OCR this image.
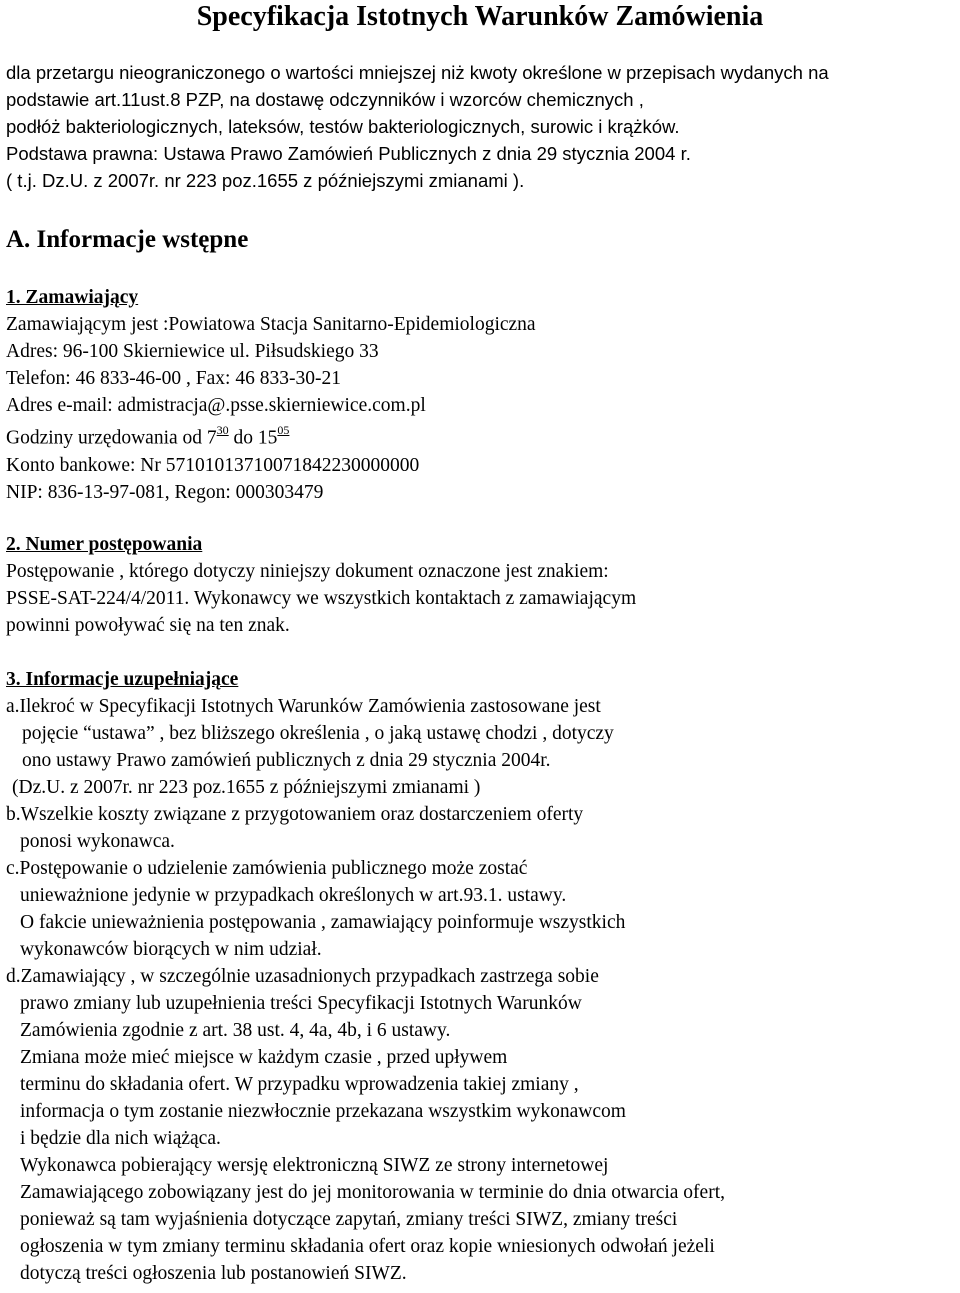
Specyfikacja Istotnych Warunków Zamówienia
dla przetargu nieograniczonego o wartości mniejszej niż kwoty określone w przepisach wydanych na
podstawie art.11ust.8 PZP, na dostawę odczynników i wzorców chemicznych ,
podłóż bakteriologicznych, lateksów, testów bakteriologicznych, surowic i krążków.
Podstawa prawna: Ustawa Prawo Zamówień Publicznych z dnia 29 stycznia 2004 r.
( t.j. Dz.U. z 2007r. nr 223 poz.1655 z późniejszymi zmianami ).
A. Informacje wstępne
1. Zamawiający
Zamawiającym jest :Powiatowa Stacja Sanitarno-Epidemiologiczna
Adres: 96-100 Skierniewice ul. Piłsudskiego 33
Telefon: 46 833-46-00 , Fax: 46 833-30-21
Adres e-mail: admistracja@.psse.skierniewice.com.pl
Godziny urzędowania od $7^{30}$ do $15^{05}$
Konto bankowe: Nr 57101013710071842230000000
NIP: 836-13-97-081, Regon: 000303479
2. Numer postępowania
Postępowanie , którego dotyczy niniejszy dokument oznaczone jest znakiem:
PSSE-SAT-224/4/2011. Wykonawcy we wszystkich kontaktach z zamawiającym
powinni powoływać się na ten znak.
3. Informacje uzupełniające
a.Ilekroć w Specyfikacji Istotnych Warunków Zamówienia zastosowane jest
pojęcie “ustawa” , bez bliższego określenia , o jaką ustawę chodzi , dotyczy
ono ustawy Prawo zamówień publicznych z dnia 29 stycznia 2004r.
(Dz.U. z 2007r. nr 223 poz.1655 z późniejszymi zmianami )
b.Wszelkie koszty związane z przygotowaniem oraz dostarczeniem oferty
ponosi wykonawca.
c.Postępowanie o udzielenie zamówienia publicznego może zostać
unieważnione jedynie w przypadkach określonych w art.93.1. ustawy.
O fakcie unieważnienia postępowania , zamawiający poinformuje wszystkich
wykonawców biorących w nim udział.
d.Zamawiający , w szczególnie uzasadnionych przypadkach zastrzega sobie
prawo zmiany lub uzupełnienia treści Specyfikacji Istotnych Warunków
Zamówienia zgodnie z art. 38 ust. 4, 4a, 4b, i 6 ustawy.
Zmiana może mieć miejsce w każdym czasie , przed upływem
terminu do składania ofert. W przypadku wprowadzenia takiej zmiany ,
informacja o tym zostanie niezwłocznie przekazana wszystkim wykonawcom
i będzie dla nich wiążąca.
Wykonawca pobierający wersję elektroniczną SIWZ ze strony internetowej
Zamawiającego zobowiązany jest do jej monitorowania w terminie do dnia otwarcia ofert,
ponieważ są tam wyjaśnienia dotyczące zapytań, zmiany treści SIWZ, zmiany treści
ogłoszenia w tym zmiany terminu składania ofert oraz kopie wniesionych odwołań jeżeli
dotyczą treści ogłoszenia lub postanowień SIWZ.
